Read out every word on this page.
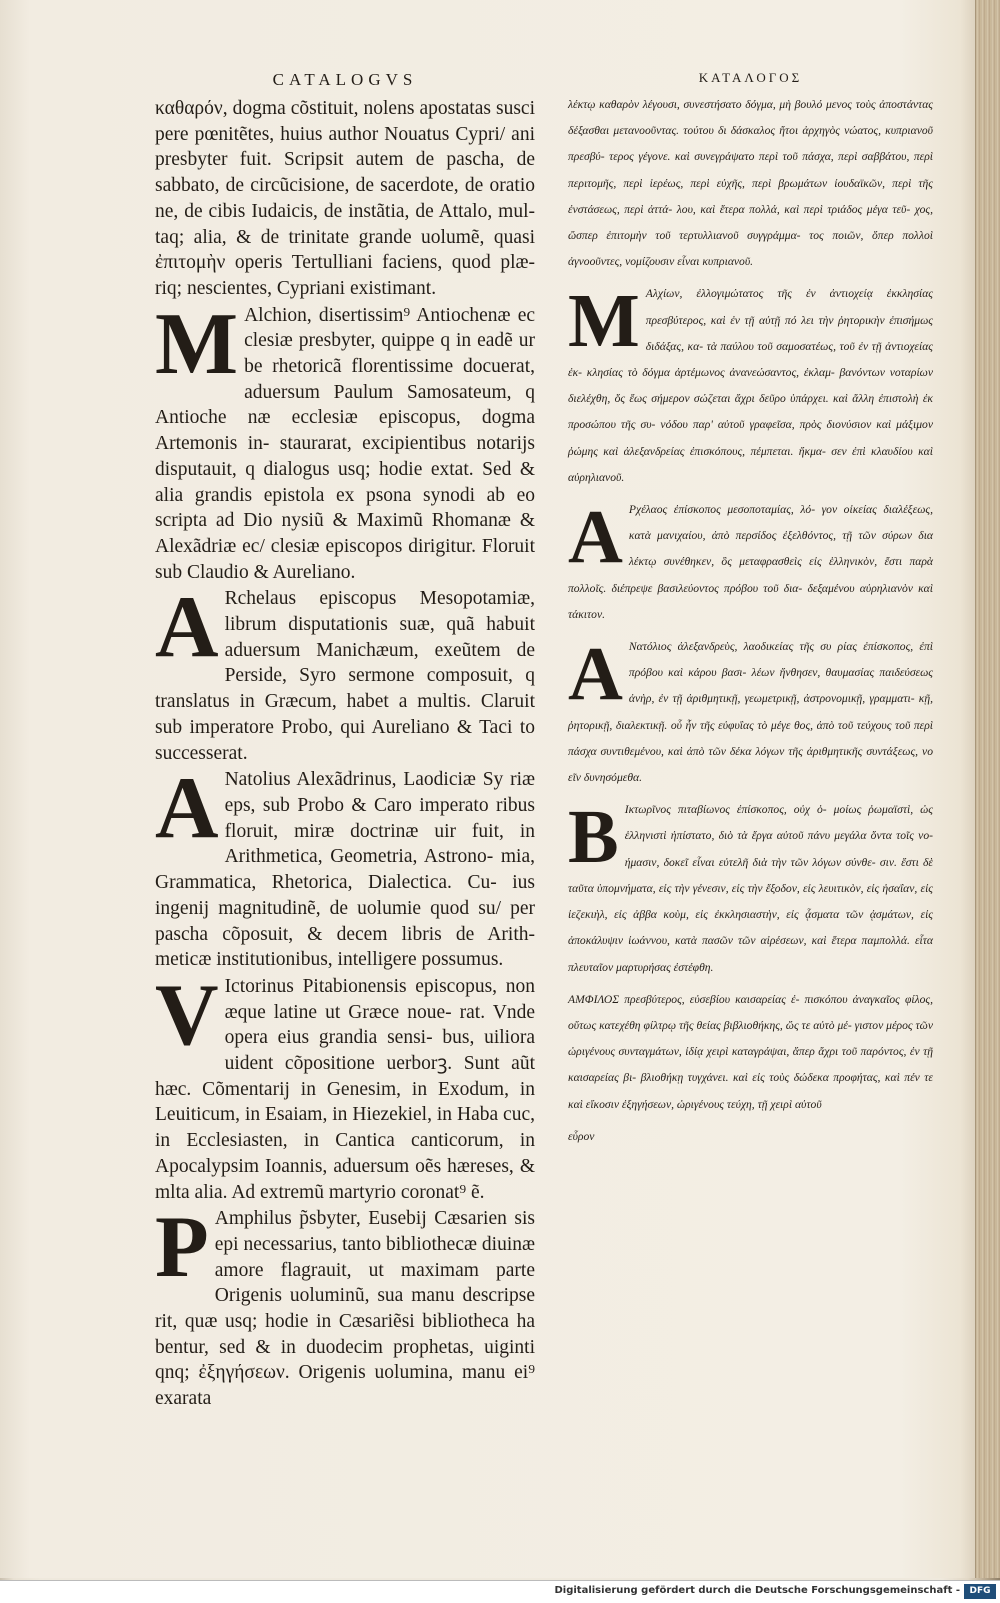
CATALOGVS
καθαρόν, dogma cõstituit, nolens apostatas susci pere pœnitẽtes, huius author Nouatus Cypri/ ani presbyter fuit. Scripsit autem de pascha, de sabbato, de circũcisione, de sacerdote, de oratio ne, de cibis Iudaicis, de instãtia, de Attalo, mul- taq; alia, & de trinitate grande uolumẽ, quasi ἐπιτομὴν operis Tertulliani faciens, quod plæ- riq; nescientes, Cypriani existimant.
M Alchion, disertissim⁹ Antiochenæ ec clesiæ presbyter, quippe q in eadẽ ur be rhetoricã florentissime docuerat, aduersum Paulum Samosateum, q Antioche næ ecclesiæ episcopus, dogma Artemonis in- staurarat, excipientibus notarijs disputauit, q dialogus usq; hodie extat. Sed & alia grandis epistola ex psona synodi ab eo scripta ad Dio nysiũ & Maximũ Rhomanæ & Alexãdriæ ec/ clesiæ episcopos dirigitur. Floruit sub Claudio & Aureliano.
A Rchelaus episcopus Mesopotamiæ, librum disputationis suæ, quã habuit aduersum Manichæum, exeũtem de Perside, Syro sermone composuit, q translatus in Græcum, habet a multis. Claruit sub imperatore Probo, qui Aureliano & Taci to successerat.
A Natolius Alexãdrinus, Laodiciæ Sy riæ eps, sub Probo & Caro imperato ribus floruit, miræ doctrinæ uir fuit, in Arithmetica, Geometria, Astrono- mia, Grammatica, Rhetorica, Dialectica. Cu- ius ingenij magnitudinẽ, de uolumie quod su/ per pascha cõposuit, & decem libris de Arith- meticæ institutionibus, intelligere possumus.
V Ictorinus Pitabionensis episcopus, non æque latine ut Græce noue- rat. Vnde opera eius grandia sensi- bus, uiliora uident cõpositione uerborꝫ. Sunt aũt hæc. Cõmentarij in Genesim, in Exodum, in Leuiticum, in Esaiam, in Hiezekiel, in Haba cuc, in Ecclesiasten, in Cantica canticorum, in Apocalypsim Ioannis, aduersum oẽs hæreses, & mlta alia. Ad extremũ martyrio coronat⁹ ẽ.
P Amphilus p̃sbyter, Eusebij Cæsarien sis epi necessarius, tanto bibliothecæ diuinæ amore flagrauit, ut maximam parte Origenis uoluminũ, sua manu descripse rit, quæ usq; hodie in Cæsariẽsi bibliotheca ha bentur, sed & in duodecim prophetas, uiginti qnq; ἐξηγήσεων. Origenis uolumina, manu ei⁹ exarata
ΚΑΤΑΛΟΓΟΣ
λέκτῳ καθαρὸν λέγουσι, συνεστήσατο δόγμα, μὴ βουλό μενος τοὺς ἀποστάντας δέξασθαι μετανοοῦντας. τούτου δι δάσκαλος ἤτοι ἀρχηγὸς νώατος, κυπριανοῦ πρεσβύ- τερος γέγονε. καὶ συνεγράψατο περὶ τοῦ πάσχα, περὶ σαββάτου, περὶ περιτομῆς, περὶ ἱερέως, περὶ εὐχῆς, περὶ βρωμάτων ἰουδαϊκῶν, περὶ τῆς ἐνστάσεως, περὶ ἀττά- λου, καὶ ἕτερα πολλά, καὶ περὶ τριάδος μέγα τεῦ- χος, ὥσπερ ἐπιτομὴν τοῦ τερτυλλιανοῦ συγγράμμα- τος ποιῶν, ὅπερ πολλοὶ ἀγνοοῦντες, νομίζουσιν εἶναι κυπριανοῦ.
M Αλχίων, ἐλλογιμώτατος τῆς ἐν ἀντιοχείᾳ ἐκκλησίας πρεσβύτερος, καὶ ἐν τῇ αὐτῇ πό λει τὴν ῥητορικὴν ἐπισήμως διδάξας, κα- τὰ παύλου τοῦ σαμοσατέως, τοῦ ἐν τῇ ἀντιοχείας ἐκ- κλησίας τὸ δόγμα ἀρτέμωνος ἀνανεώσαντος, ἐκλαμ- βανόντων νοταρίων διελέχθη, ὅς ἕως σήμερον σώζεται ἄχρι δεῦρο ὑπάρχει. καὶ ἄλλη ἐπιστολὴ ἐκ προσώπου τῆς συ- νόδου παρ' αὐτοῦ γραφεῖσα, πρὸς διονύσιον καὶ μάξιμον ῥώμης καὶ ἀλεξανδρείας ἐπισκόπους, πέμπεται. ἤκμα- σεν ἐπὶ κλαυδίου καὶ αὐρηλιανοῦ.
A Ρχέλαος ἐπίσκοπος μεσοποταμίας, λό- γον οἰκείας διαλέξεως, κατὰ μανιχαίου, ἀπὸ περσίδος ἐξελθόντος, τῇ τῶν σύρων δια λέκτῳ συνέθηκεν, ὃς μεταφρασθεὶς εἰς ἑλληνικὸν, ἔστι παρὰ πολλοῖς. διέπρεψε βασιλεύοντος πρόβου τοῦ δια- δεξαμένου αὐρηλιανὸν καὶ τάκιτον.
A Νατόλιος ἀλεξανδρεὺς, λαοδικείας τῆς συ ρίας ἐπίσκοπος, ἐπὶ πρόβου καὶ κάρου βασι- λέων ἤνθησεν, θαυμασίας παιδεύσεως ἀνὴρ, ἐν τῇ ἀριθμητικῇ, γεωμετρικῇ, ἀστρονομικῇ, γραμματι- κῇ, ῥητορικῇ, διαλεκτικῇ. οὗ ἦν τῆς εὐφυΐας τὸ μέγε θος, ἀπὸ τοῦ τεύχους τοῦ περὶ πάσχα συντιθεμένου, καὶ ἀπὸ τῶν δέκα λόγων τῆς ἀριθμητικῆς συντάξεως, νο εῖν δυνησόμεθα.
B Ικτωρῖνος πιταβίωνος ἐπίσκοπος, οὐχ ὁ- μοίως ῥωμαϊστὶ, ὡς ἑλληνιστὶ ἠπίστατο, διὸ τὰ ἔργα αὐτοῦ πάνυ μεγάλα ὄντα τοῖς νο- ήμασιν, δοκεῖ εἶναι εὐτελῆ διὰ τὴν τῶν λόγων σύνθε- σιν. ἔστι δὲ ταῦτα ὑπομνήματα, εἰς τὴν γένεσιν, εἰς τὴν ἔξοδον, εἰς λευιτικὸν, εἰς ἡσαΐαν, εἰς ἰεζεκιὴλ, εἰς ἀββα κοὺμ, εἰς ἐκκλησιαστὴν, εἰς ᾆσματα τῶν ᾀσμάτων, εἰς ἀποκάλυψιν ἰωάννου, κατὰ πασῶν τῶν αἱρέσεων, καὶ ἕτερα παμπολλά. εἶτα πλευταῖον μαρτυρήσας ἐστέφθη.
ΑΜΦΙΛΟΣ πρεσβύτερος, εὐσεβίου καισαρείας ἐ- πισκόπου ἀναγκαῖος φίλος, οὕτως κατεχέθη φίλτρῳ τῆς θείας βιβλιοθήκης, ὥς τε αὐτὸ μέ- γιστον μέρος τῶν ὠριγένους συνταγμάτων, ἰδίᾳ χειρὶ καταγράψαι, ἅπερ ἄχρι τοῦ παρόντος, ἐν τῇ καισαρείας βι- βλιοθήκῃ τυγχάνει. καὶ εἰς τοὺς δώδεκα προφήτας, καὶ πέν τε καὶ εἴκοσιν ἐξηγήσεων, ὠριγένους τεύχη, τῇ χειρὶ αὐτοῦ
εὗρον
Digitalisierung gefördert durch die Deutsche Forschungsgemeinschaft -	DFG
